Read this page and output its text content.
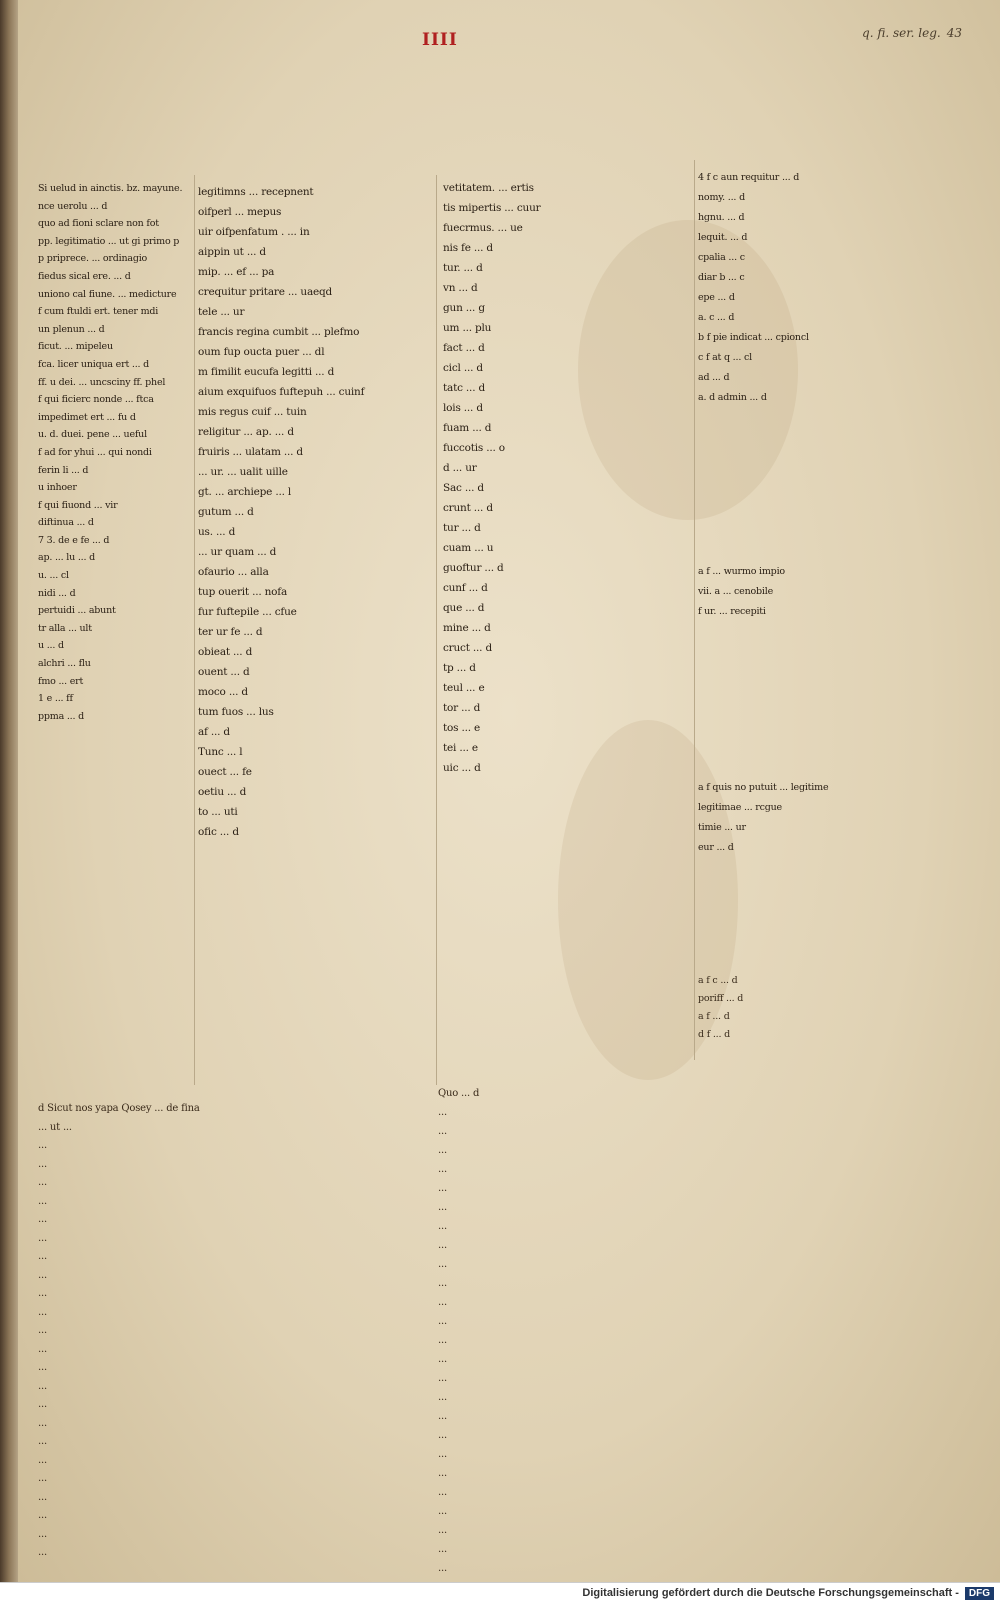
IIII	q. fi. ser. leg. 43
Si uelud in ainctis. bz. mayune.
nce uerolu ... d
quo ad fioni sclare non fot
pp. legitimatio ... ut gi primo p
p priprece. ... ordinagio
fiedus sical ere. ... d
uniono cal fiune. ... medicture
f cum ftuldi ert. tener mdi
un plenun ... d
ficut. ... mipeleu
fca. licer uniqua ert ... d
ff. u dei. ... uncsciny ff. phel
f qui ficierc nonde ... ftca
impedimet ert ... fu d
u. d. duei. pene ... ueful
f ad for yhui ... qui nondi
ferin li ... d
u inhoer
f qui fiuond ... vir
diftinua ... d
7 3. de e fe ... d
ap. ... lu ... d
u. ... cl
nidi ... d
pertuidi ... abunt
tr alla ... ult
u ... d
alchri ... flu
fmo ... ert
1 e ... ff
ppma ... d
legitimns ... recepnent
oifperl ... mepus
uir oifpenfatum . ... in
aippin ut ... d
mip. ... ef ... pa
crequitur pritare ... uaeqd
tele ... ur
francis regina cumbit ... plefmo
oum fup oucta puer ... dl
m fimilit eucufa legitti ... d
aium exquifuos fuftepuh ... cuinf
mis regus cuif ... tuin
religitur ... ap. ... d
fruiris ... ulatam ... d
... ur. ... ualit uille
gt. ... archiepe ... l
gutum ... d
us. ... d
... ur quam ... d
ofaurio ... alla
tup ouerit ... nofa
fur fuftepile ... cfue
ter ur fe ... d
obieat ... d
ouent ... d
moco ... d
tum fuos ... lus
af ... d
Tunc ... l
ouect ... fe
oetiu ... d
to ... uti
ofic ... d
vetitatem. ... ertis
tis mipertis ... cuur
fuecrmus. ... ue
nis fe ... d
tur. ... d
vn ... d
gun ... g
um ... plu
fact ... d
cicl ... d
tatc ... d
lois ... d
fuam ... d
fuccotis ... o
d ... ur
Sac ... d
crunt ... d
tur ... d
cuam ... u
guoftur ... d
cunf ... d
que ... d
mine ... d
cruct ... d
tp ... d
teul ... e
tor ... d
tos ... e
tei ... e
uic ... d
4 f c aun requitur ... d
nomy. ... d
hgnu. ... d
lequit. ... d
cpalia ... c
diar b ... c
epe ... d
a. c ... d
b f pie indicat ... cpioncl
c f at q ... cl
ad ... d
a. d admin ... d
a f ... wurmo impio
vii. a ... cenobile
f ur. ... recepiti
a f quis no putuit ... legitime
legitimae ... rcgue
timie ... ur
eur ... d
a f c ... d
poriff ... d
a f ... d
d f ... d
d Sicut nos yapa Qosey ... de fina
... ut ...
...
...
...
...
...
...
...
...
...
...
...
...
...
...
...
...
...
...
...
...
...
...
...
Quo ... d
...
...
...
...
...
...
...
...
...
...
...
...
...
...
...
...
...
...
...
...
...
...
...
...
...
Digitalisierung gefördert durch die Deutsche Forschungsgemeinschaft -	DFG
